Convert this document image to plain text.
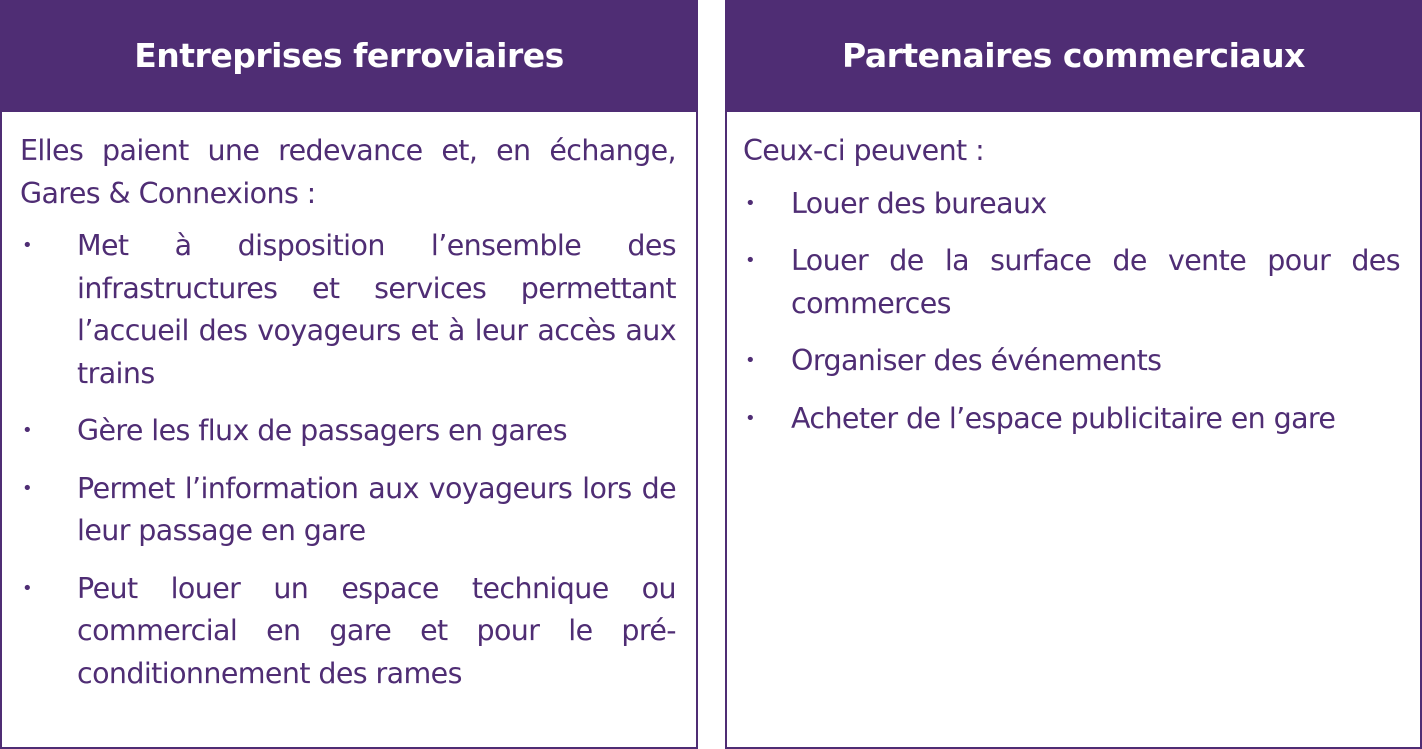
Entreprises ferroviaires

Elles paient une redevance et, en échange, Gares & Connexions :

• Met à disposition l’ensemble des infrastructures et services permettant l’accueil des voyageurs et à leur accès aux trains
• Gère les flux de passagers en gares
• Permet l’information aux voyageurs lors de leur passage en gare
• Peut louer un espace technique ou commercial en gare et pour le pré-conditionnement des rames
Partenaires commerciaux

Ceux-ci peuvent :

• Louer des bureaux
• Louer de la surface de vente pour des commerces
• Organiser des événements
• Acheter de l’espace publicitaire en gare
